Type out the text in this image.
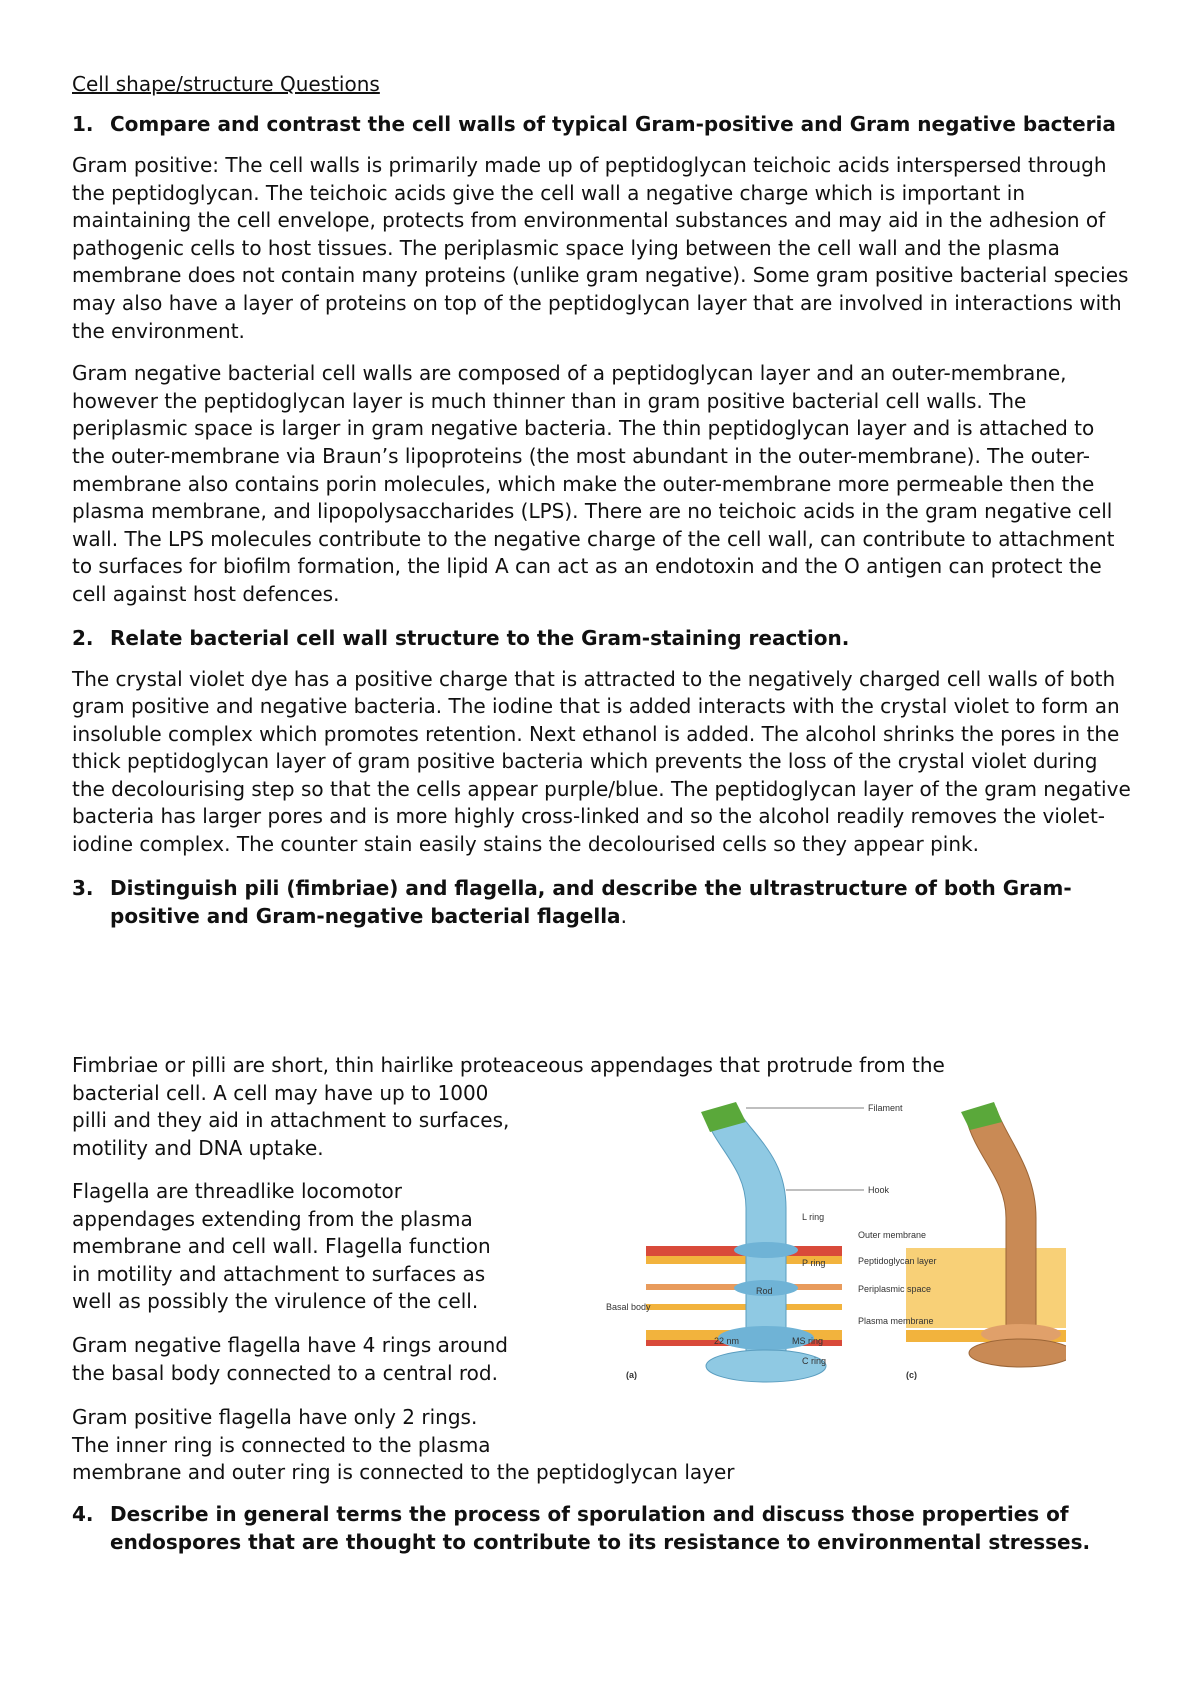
Cell shape/structure Questions
1. Compare and contrast the cell walls of typical Gram-positive and Gram negative bacteria

Gram positive: The cell walls is primarily made up of peptidoglycan teichoic acids interspersed through the peptidoglycan. The teichoic acids give the cell wall a negative charge which is important in maintaining the cell envelope, protects from environmental substances and may aid in the adhesion of pathogenic cells to host tissues. The periplasmic space lying between the cell wall and the plasma membrane does not contain many proteins (unlike gram negative). Some gram positive bacterial species may also have a layer of proteins on top of the peptidoglycan layer that are involved in interactions with the environment.

Gram negative bacterial cell walls are composed of a peptidoglycan layer and an outer-membrane, however the peptidoglycan layer is much thinner than in gram positive bacterial cell walls. The periplasmic space is larger in gram negative bacteria. The thin peptidoglycan layer and is attached to the outer-membrane via Braun’s lipoproteins (the most abundant in the outer-membrane). The outer-membrane also contains porin molecules, which make the outer-membrane more permeable then the plasma membrane, and lipopolysaccharides (LPS). There are no teichoic acids in the gram negative cell wall. The LPS molecules contribute to the negative charge of the cell wall, can contribute to attachment to surfaces for biofilm formation, the lipid A can act as an endotoxin and the O antigen can protect the cell against host defences.

2. Relate bacterial cell wall structure to the Gram-staining reaction.

The crystal violet dye has a positive charge that is attracted to the negatively charged cell walls of both gram positive and negative bacteria. The iodine that is added interacts with the crystal violet to form an insoluble complex which promotes retention. Next ethanol is added. The alcohol shrinks the pores in the thick peptidoglycan layer of gram positive bacteria which prevents the loss of the crystal violet during the decolourising step so that the cells appear purple/blue. The peptidoglycan layer of the gram negative bacteria has larger pores and is more highly cross-linked and so the alcohol readily removes the violet-iodine complex. The counter stain easily stains the decolourised cells so they appear pink.

3. Distinguish pili (fimbriae) and flagella, and describe the ultrastructure of both Gram-positive and Gram-negative bacterial flagella.
Fimbriae or pilli are short, thin hairlike proteaceous appendages that protrude from the
bacterial cell. A cell may have up to 1000
pilli and they aid in attachment to surfaces,
motility and DNA uptake.
Flagella are threadlike locomotor
appendages extending from the plasma
membrane and cell wall. Flagella function
in motility and attachment to surfaces as
well as possibly the virulence of the cell.
Gram negative flagella have 4 rings around
the basal body connected to a central rod.
Gram positive flagella have only 2 rings.
The inner ring is connected to the plasma
membrane and outer ring is connected to the peptidoglycan layer
4. Describe in general terms the process of sporulation and discuss those properties of endospores that are thought to contribute to its resistance to environmental stresses.
Filament
Hook
L ring
Outer membrane
P ring	Peptidoglycan layer
Rod	Periplasmic space
Basal body
Plasma membrane
MS ring
C ring
22 nm
(a)	(c)
